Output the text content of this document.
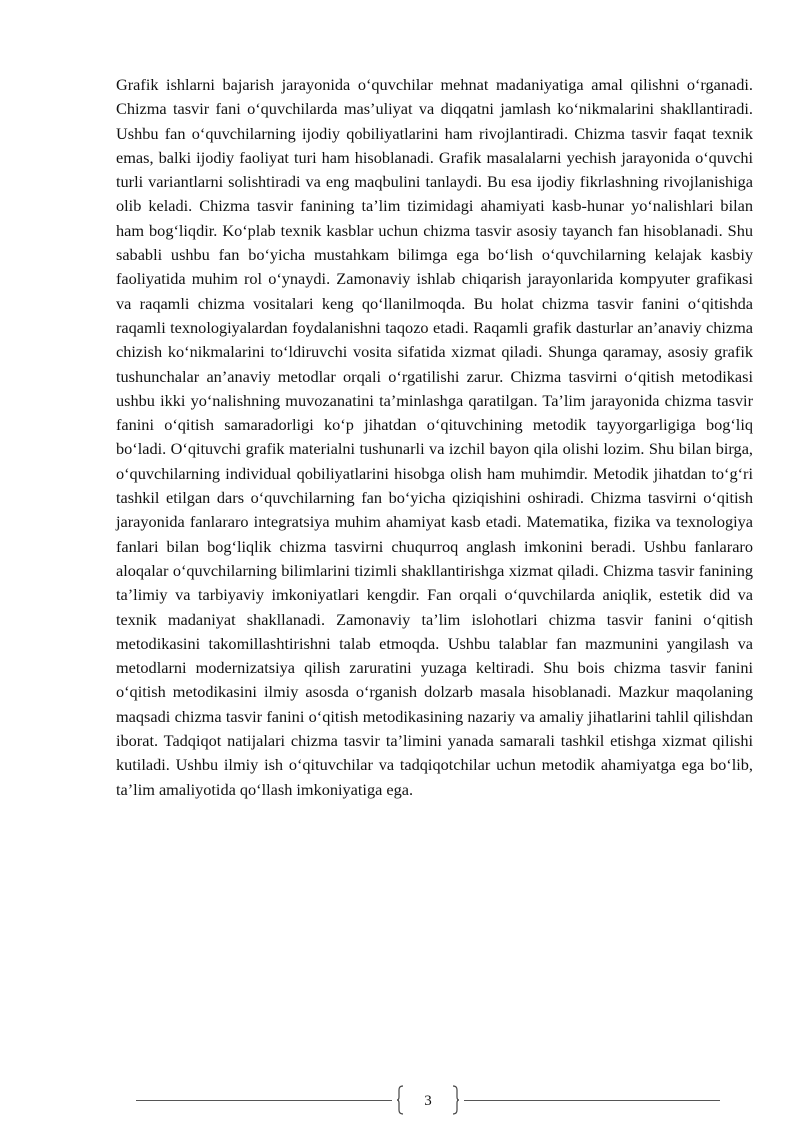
Grafik ishlarni bajarish jarayonida o‘quvchilar mehnat madaniyatiga amal qilishni o‘rganadi. Chizma tasvir fani o‘quvchilarda mas’uliyat va diqqatni jamlash ko‘nikmalarini shakllantiradi. Ushbu fan o‘quvchilarning ijodiy qobiliyatlarini ham rivojlantiradi. Chizma tasvir faqat texnik emas, balki ijodiy faoliyat turi ham hisoblanadi. Grafik masalalarni yechish jarayonida o‘quvchi turli variantlarni solishtiradi va eng maqbulini tanlaydi. Bu esa ijodiy fikrlashning rivojlanishiga olib keladi. Chizma tasvir fanining ta’lim tizimidagi ahamiyati kasb-hunar yo‘nalishlari bilan ham bog‘liqdir. Ko‘plab texnik kasblar uchun chizma tasvir asosiy tayanch fan hisoblanadi. Shu sababli ushbu fan bo‘yicha mustahkam bilimga ega bo‘lish o‘quvchilarning kelajak kasbiy faoliyatida muhim rol o‘ynaydi. Zamonaviy ishlab chiqarish jarayonlarida kompyuter grafikasi va raqamli chizma vositalari keng qo‘llanilmoqda. Bu holat chizma tasvir fanini o‘qitishda raqamli texnologiyalardan foydalanishni taqozo etadi. Raqamli grafik dasturlar an’anaviy chizma chizish ko‘nikmalarini to‘ldiruvchi vosita sifatida xizmat qiladi. Shunga qaramay, asosiy grafik tushunchalar an’anaviy metodlar orqali o‘rgatilishi zarur. Chizma tasvirni o‘qitish metodikasi ushbu ikki yo‘nalishning muvozanatini ta’minlashga qaratilgan. Ta’lim jarayonida chizma tasvir fanini o‘qitish samaradorligi ko‘p jihatdan o‘qituvchining metodik tayyorgarligiga bog‘liq bo‘ladi. O‘qituvchi grafik materialni tushunarli va izchil bayon qila olishi lozim. Shu bilan birga, o‘quvchilarning individual qobiliyatlarini hisobga olish ham muhimdir. Metodik jihatdan to‘g‘ri tashkil etilgan dars o‘quvchilarning fan bo‘yicha qiziqishini oshiradi. Chizma tasvirni o‘qitish jarayonida fanlararo integratsiya muhim ahamiyat kasb etadi. Matematika, fizika va texnologiya fanlari bilan bog‘liqlik chizma tasvirni chuqurroq anglash imkonini beradi. Ushbu fanlararo aloqalar o‘quvchilarning bilimlarini tizimli shakllantirishga xizmat qiladi. Chizma tasvir fanining ta’limiy va tarbiyaviy imkoniyatlari kengdir. Fan orqali o‘quvchilarda aniqlik, estetik did va texnik madaniyat shakllanadi. Zamonaviy ta’lim islohotlari chizma tasvir fanini o‘qitish metodikasini takomillashtirishni talab etmoqda. Ushbu talablar fan mazmunini yangilash va metodlarni modernizatsiya qilish zaruratini yuzaga keltiradi. Shu bois chizma tasvir fanini o‘qitish metodikasini ilmiy asosda o‘rganish dolzarb masala hisoblanadi. Mazkur maqolaning maqsadi chizma tasvir fanini o‘qitish metodikasining nazariy va amaliy jihatlarini tahlil qilishdan iborat. Tadqiqot natijalari chizma tasvir ta’limini yanada samarali tashkil etishga xizmat qilishi kutiladi. Ushbu ilmiy ish o‘qituvchilar va tadqiqotchilar uchun metodik ahamiyatga ega bo‘lib, ta’lim amaliyotida qo‘llash imkoniyatiga ega.

3
